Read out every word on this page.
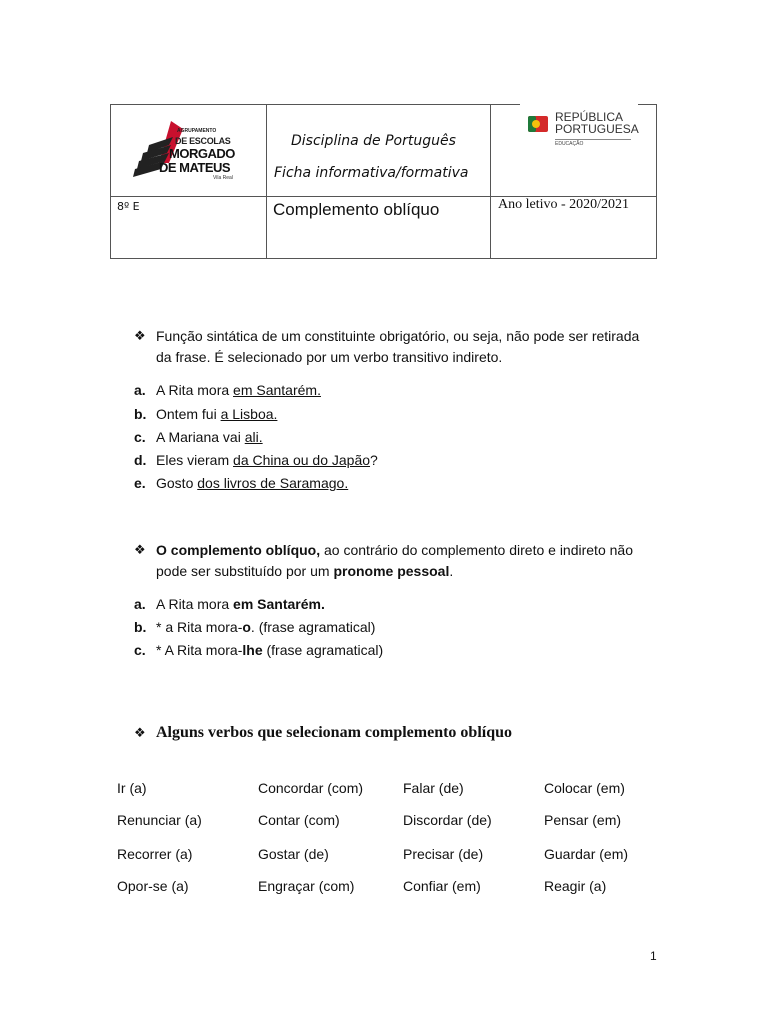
AGRUPAMENTO
DE ESCOLAS
MORGADO
DE MATEUS
Vila Real
Disciplina de Português
Ficha informativa/formativa
REPÚBLICA
PORTUGUESA
EDUCAÇÃO
8º E	Complemento oblíquo	Ano letivo - 2020/2021
❖ Função sintática de um constituinte obrigatório, ou seja, não pode ser retirada da frase. É selecionado por um verbo transitivo indireto.
a. A Rita mora em Santarém.
b. Ontem fui a Lisboa.
c. A Mariana vai ali.
d. Eles vieram da China ou do Japão?
e. Gosto dos livros de Saramago.
❖ O complemento oblíquo, ao contrário do complemento direto e indireto não pode ser substituído por um pronome pessoal.
a. A Rita mora em Santarém.
b. * a Rita mora-o. (frase agramatical)
c. * A Rita mora-lhe (frase agramatical)
❖ Alguns verbos que selecionam complemento oblíquo
Ir (a)	Concordar (com)	Falar (de)	Colocar (em)
Renunciar (a)	Contar (com)	Discordar (de)	Pensar (em)
Recorrer (a)	Gostar (de)	Precisar (de)	Guardar (em)
Opor-se (a)	Engraçar (com)	Confiar (em)	Reagir (a)
1
